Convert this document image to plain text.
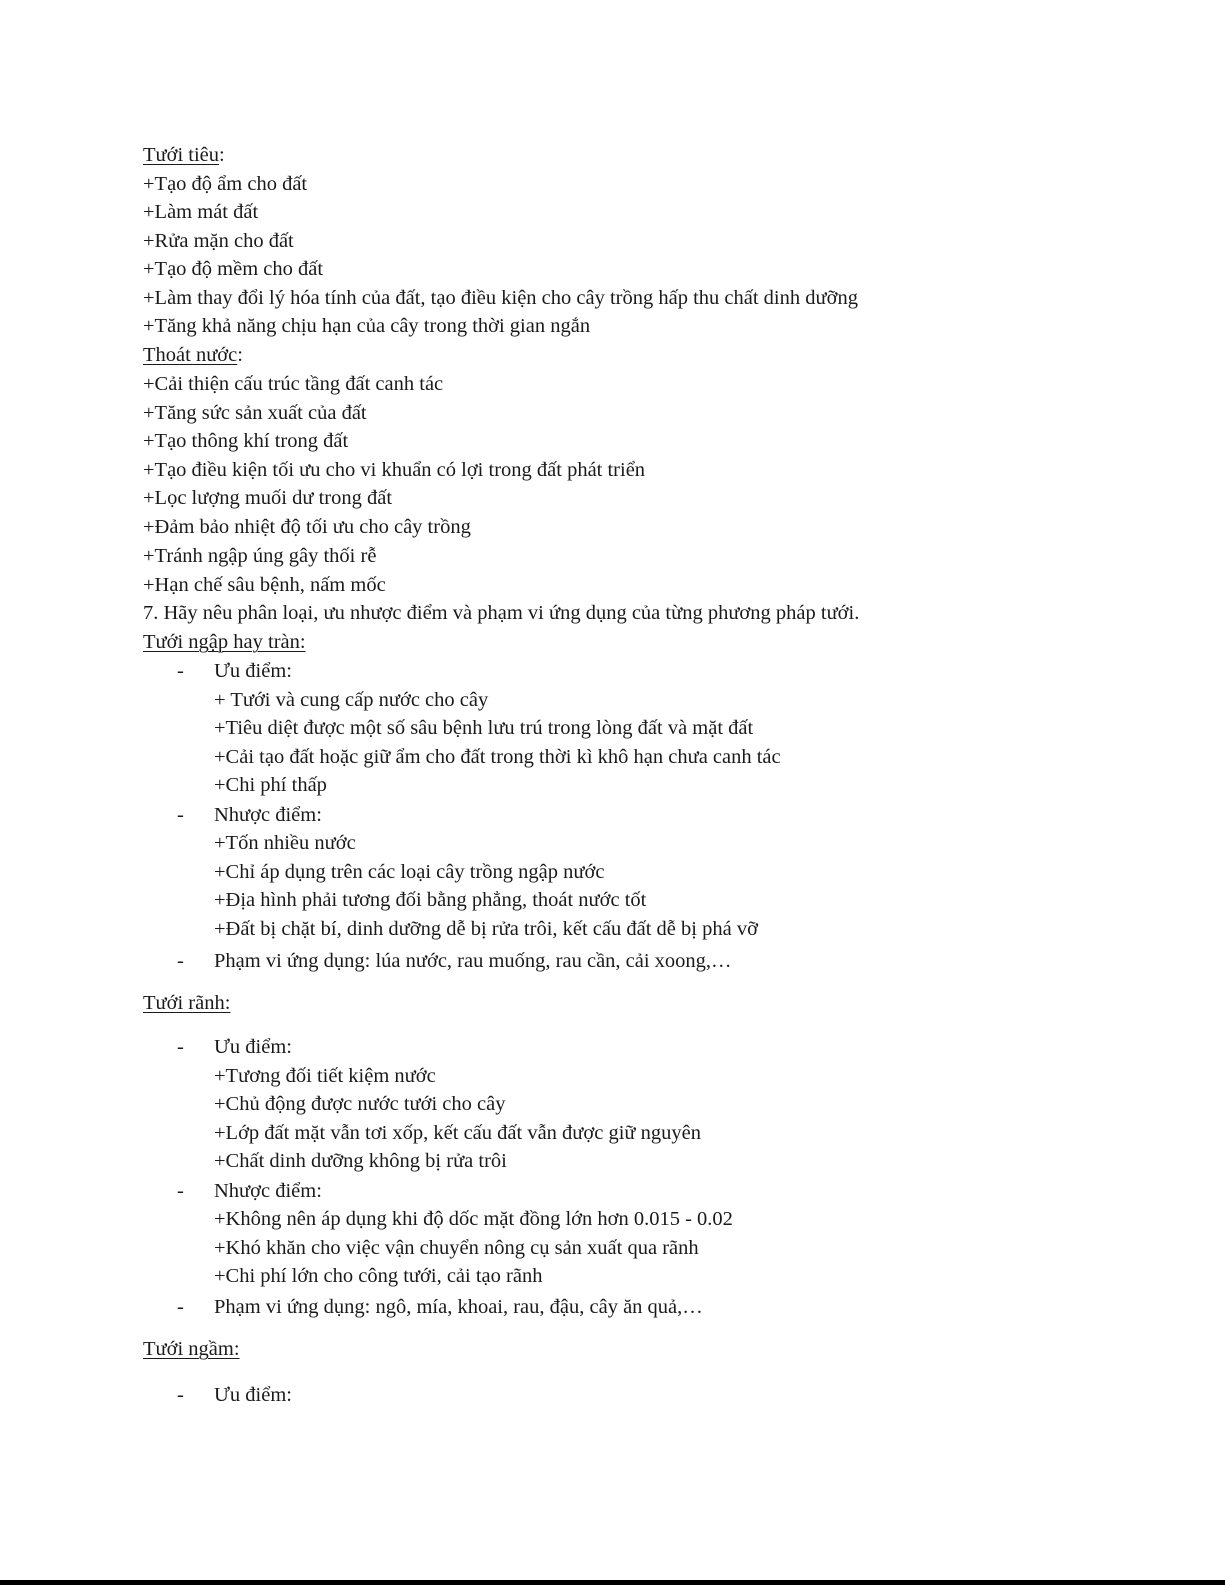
Tưới tiêu:
+Tạo độ ẩm cho đất
+Làm mát đất
+Rửa mặn cho đất
+Tạo độ mềm cho đất
+Làm thay đổi lý hóa tính của đất, tạo điều kiện cho cây trồng hấp thu chất dinh dưỡng
+Tăng khả năng chịu hạn của cây trong thời gian ngắn
Thoát nước:
+Cải thiện cấu trúc tầng đất canh tác
+Tăng sức sản xuất của đất
+Tạo thông khí trong đất
+Tạo điều kiện tối ưu cho vi khuẩn có lợi trong đất phát triển
+Lọc lượng muối dư trong đất
+Đảm bảo nhiệt độ tối ưu cho cây trồng
+Tránh ngập úng gây thối rễ
+Hạn chế sâu bệnh, nấm mốc
7. Hãy nêu phân loại, ưu nhược điểm và phạm vi ứng dụng của từng phương pháp tưới.
Tưới ngập hay tràn:
- Ưu điểm:
+ Tưới và cung cấp nước cho cây
+Tiêu diệt được một số sâu bệnh lưu trú trong lòng đất và mặt đất
+Cải tạo đất hoặc giữ ẩm cho đất trong thời kì khô hạn chưa canh tác
+Chi phí thấp
- Nhược điểm:
+Tốn nhiều nước
+Chỉ áp dụng trên các loại cây trồng ngập nước
+Địa hình phải tương đối bằng phẳng, thoát nước tốt
+Đất bị chặt bí, dinh dưỡng dễ bị rửa trôi, kết cấu đất dễ bị phá vỡ
- Phạm vi ứng dụng: lúa nước, rau muống, rau cần, cải xoong,…
Tưới rãnh:
- Ưu điểm:
+Tương đối tiết kiệm nước
+Chủ động được nước tưới cho cây
+Lớp đất mặt vẫn tơi xốp, kết cấu đất vẫn được giữ nguyên
+Chất dinh dưỡng không bị rửa trôi
- Nhược điểm:
+Không nên áp dụng khi độ dốc mặt đồng lớn hơn 0.015 - 0.02
+Khó khăn cho việc vận chuyển nông cụ sản xuất qua rãnh
+Chi phí lớn cho công tưới, cải tạo rãnh
- Phạm vi ứng dụng: ngô, mía, khoai, rau, đậu, cây ăn quả,…
Tưới ngầm:
- Ưu điểm:
